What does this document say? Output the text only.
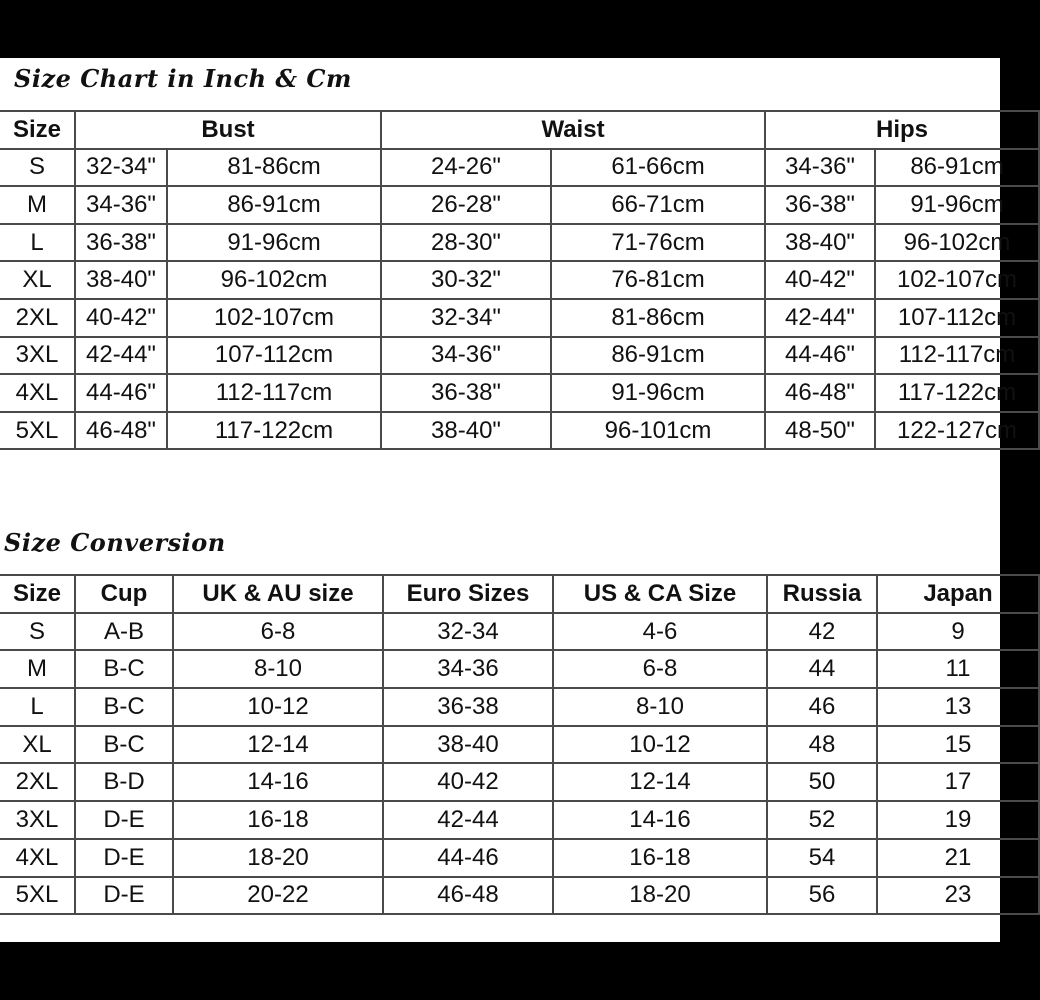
Size Chart in Inch & Cm
Size	Bust		Waist		Hips	
S	32-34"	81-86cm	24-26"	61-66cm	34-36"	86-91cm
M	34-36"	86-91cm	26-28"	66-71cm	36-38"	91-96cm
L	36-38"	91-96cm	28-30"	71-76cm	38-40"	96-102cm
XL	38-40"	96-102cm	30-32"	76-81cm	40-42"	102-107cm
2XL	40-42"	102-107cm	32-34"	81-86cm	42-44"	107-112cm
3XL	42-44"	107-112cm	34-36"	86-91cm	44-46"	112-117cm
4XL	44-46"	112-117cm	36-38"	91-96cm	46-48"	117-122cm
5XL	46-48"	117-122cm	38-40"	96-101cm	48-50"	122-127cm
Size Conversion
Size	Cup	UK & AU size	Euro Sizes	US & CA Size	Russia	Japan
S	A-B	6-8	32-34	4-6	42	9
M	B-C	8-10	34-36	6-8	44	11
L	B-C	10-12	36-38	8-10	46	13
XL	B-C	12-14	38-40	10-12	48	15
2XL	B-D	14-16	40-42	12-14	50	17
3XL	D-E	16-18	42-44	14-16	52	19
4XL	D-E	18-20	44-46	16-18	54	21
5XL	D-E	20-22	46-48	18-20	56	23
